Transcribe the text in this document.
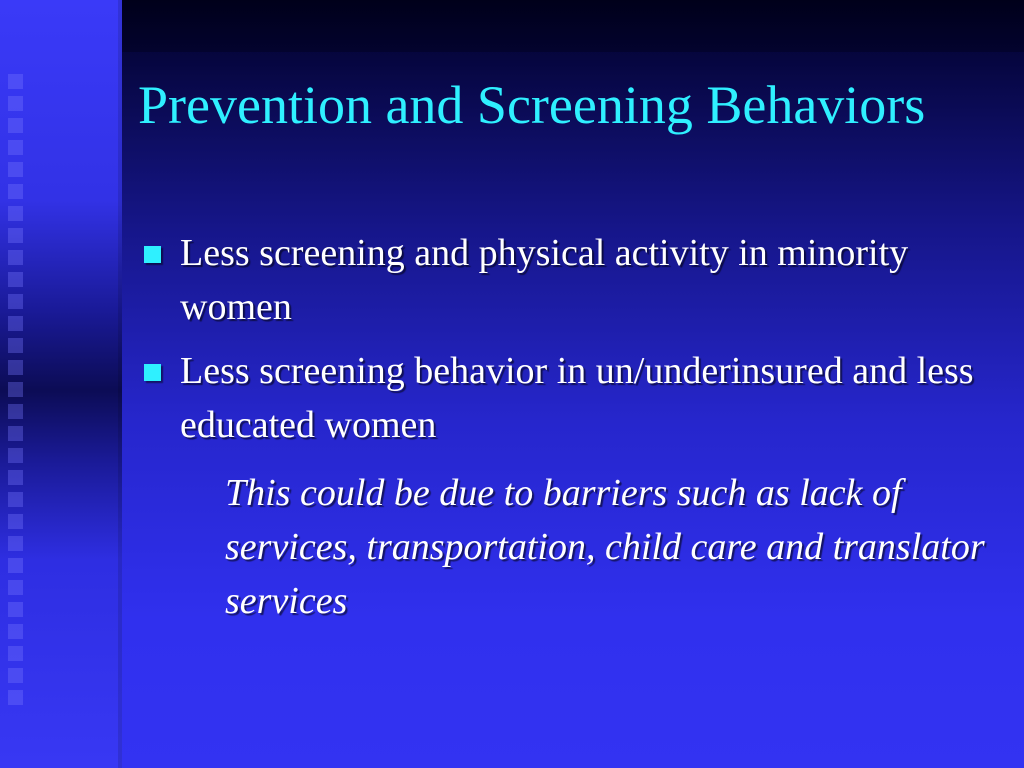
Prevention and Screening Behaviors
Less screening and physical activity in minority women
Less screening behavior in un/underinsured and less educated women

This could be due to barriers such as lack of services, transportation, child care and translator services
